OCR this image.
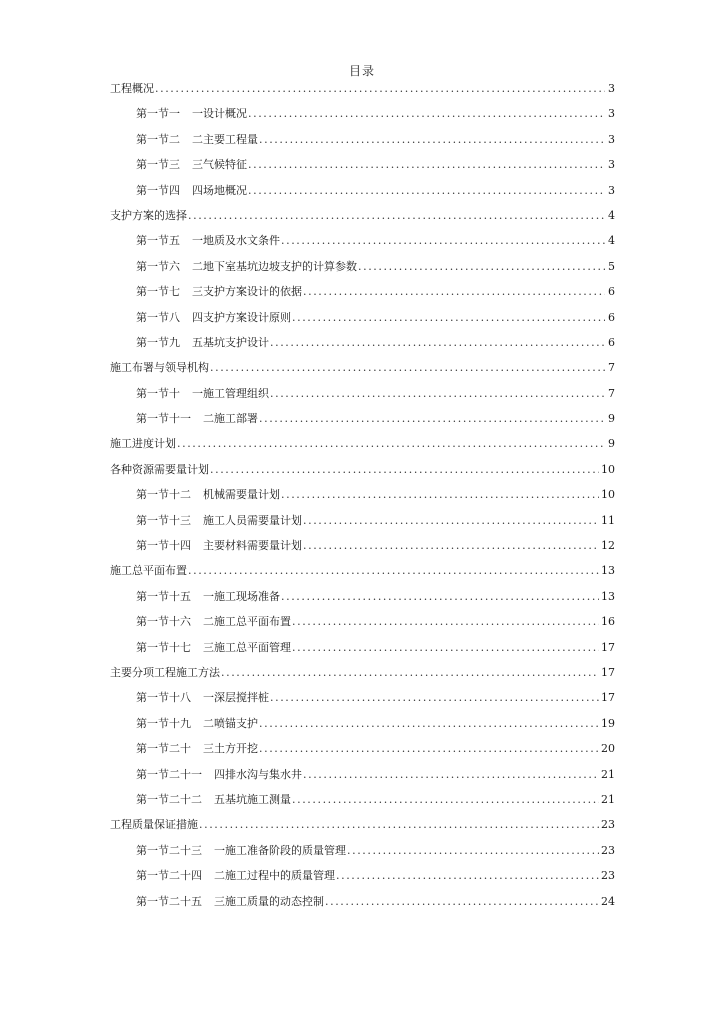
目录
工程概况 .....	3
第一节一 一设计概况 .....	3
第一节二 二主要工程量 .....	3
第一节三 三气候特征 .....	3
第一节四 四场地概况 .....	3
支护方案的选择 .....	4
第一节五 一地质及水文条件 .....	4
第一节六 二地下室基坑边坡支护的计算参数 .....	5
第一节七 三支护方案设计的依据 .....	6
第一节八 四支护方案设计原则 .....	6
第一节九 五基坑支护设计 .....	6
施工布署与领导机构 .....	7
第一节十 一施工管理组织 .....	7
第一节十一 二施工部署 .....	9
施工进度计划 .....	9
各种资源需要量计划 .....	10
第一节十二 机械需要量计划 .....	10
第一节十三 施工人员需要量计划 .....	11
第一节十四 主要材料需要量计划 .....	12
施工总平面布置 .....	13
第一节十五 一施工现场准备 .....	13
第一节十六 二施工总平面布置 .....	16
第一节十七 三施工总平面管理 .....	17
主要分项工程施工方法 .....	17
第一节十八 一深层搅拌桩 .....	17
第一节十九 二喷锚支护 .....	19
第一节二十 三土方开挖 .....	20
第一节二十一 四排水沟与集水井 .....	21
第一节二十二 五基坑施工测量 .....	21
工程质量保证措施 .....	23
第一节二十三 一施工准备阶段的质量管理 .....	23
第一节二十四 二施工过程中的质量管理 .....	23
第一节二十五 三施工质量的动态控制 .....	24
